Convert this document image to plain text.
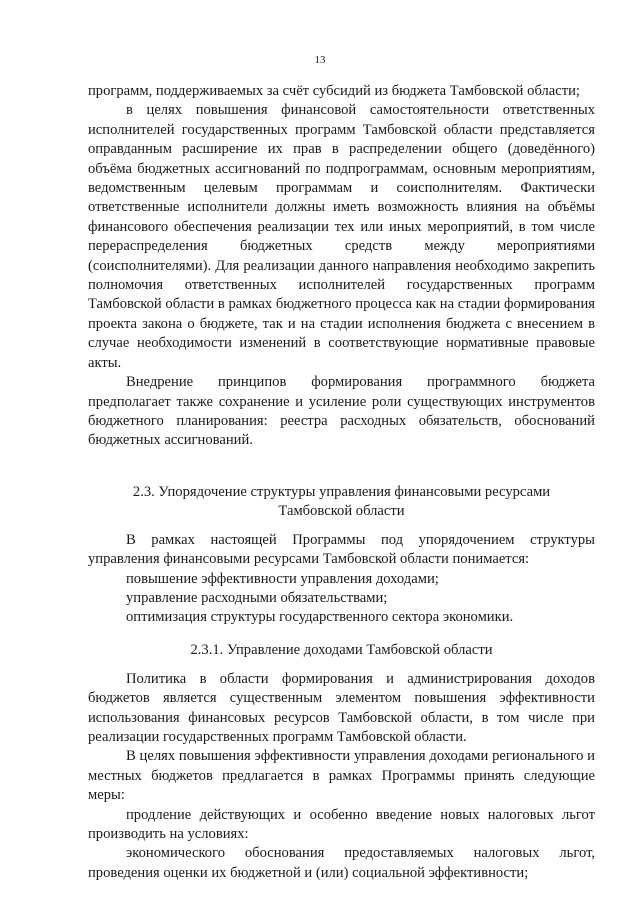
13

программ, поддерживаемых за счёт субсидий из бюджета Тамбовской области;

в целях повышения финансовой самостоятельности ответственных исполнителей государственных программ Тамбовской области представляется оправданным расширение их прав в распределении общего (доведённого) объёма бюджетных ассигнований по подпрограммам, основным мероприятиям, ведомственным целевым программам и соисполнителям. Фактически ответственные исполнители должны иметь возможность влияния на объёмы финансового обеспечения реализации тех или иных мероприятий, в том числе перераспределения бюджетных средств между мероприятиями (соисполнителями). Для реализации данного направления необходимо закрепить полномочия ответственных исполнителей государственных программ Тамбовской области в рамках бюджетного процесса как на стадии формирования проекта закона о бюджете, так и на стадии исполнения бюджета с внесением в случае необходимости изменений в соответствующие нормативные правовые акты.

Внедрение принципов формирования программного бюджета предполагает также сохранение и усиление роли существующих инструментов бюджетного планирования: реестра расходных обязательств, обоснований бюджетных ассигнований.

2.3. Упорядочение структуры управления финансовыми ресурсами Тамбовской области

В рамках настоящей Программы под упорядочением структуры управления финансовыми ресурсами Тамбовской области понимается:

повышение эффективности управления доходами;

управление расходными обязательствами;

оптимизация структуры государственного сектора экономики.

2.3.1. Управление доходами Тамбовской области

Политика в области формирования и администрирования доходов бюджетов является существенным элементом повышения эффективности использования финансовых ресурсов Тамбовской области, в том числе при реализации государственных программ Тамбовской области.

В целях повышения эффективности управления доходами регионального и местных бюджетов предлагается в рамках Программы принять следующие меры:

продление действующих и особенно введение новых налоговых льгот производить на условиях:

экономического обоснования предоставляемых налоговых льгот, проведения оценки их бюджетной и (или) социальной эффективности;
